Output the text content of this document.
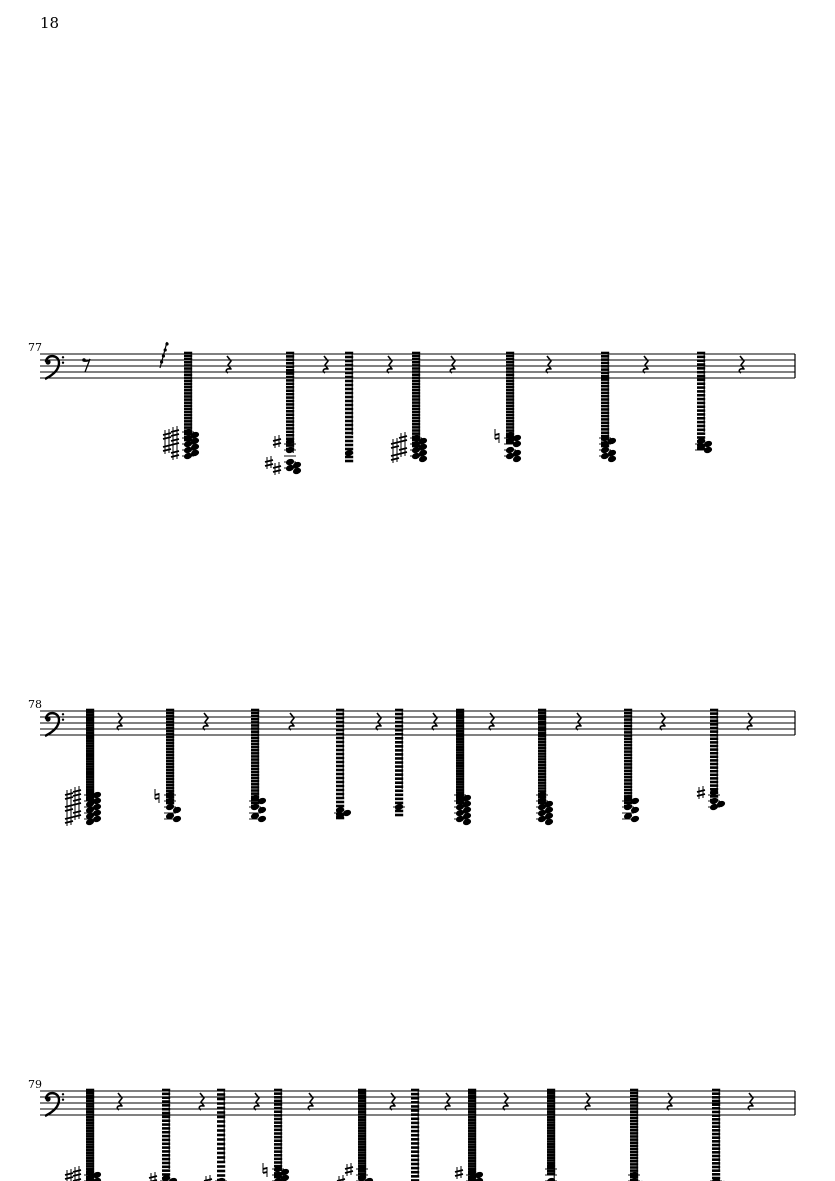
18
77
78
79
